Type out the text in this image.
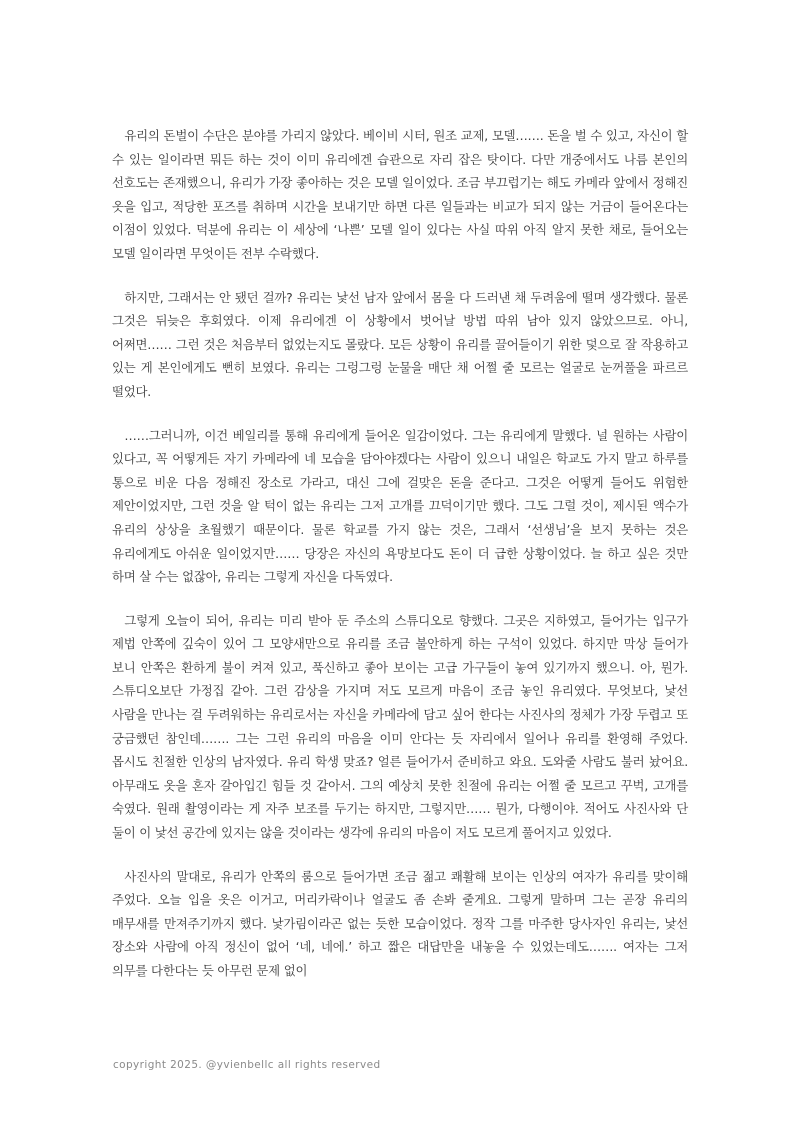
유리의 돈벌이 수단은 분야를 가리지 않았다. 베이비 시터, 원조 교제, 모델……. 돈을 벌 수 있고, 자신이 할 수 있는 일이라면 뭐든 하는 것이 이미 유리에겐 습관으로 자리 잡은 탓이다. 다만 개중에서도 나름 본인의 선호도는 존재했으니, 유리가 가장 좋아하는 것은 모델 일이었다. 조금 부끄럽기는 해도 카메라 앞에서 정해진 옷을 입고, 적당한 포즈를 취하며 시간을 보내기만 하면 다른 일들과는 비교가 되지 않는 거금이 들어온다는 이점이 있었다. 덕분에 유리는 이 세상에 ‘나쁜’ 모델 일이 있다는 사실 따위 아직 알지 못한 채로, 들어오는 모델 일이라면 무엇이든 전부 수락했다.

하지만, 그래서는 안 됐던 걸까? 유리는 낯선 남자 앞에서 몸을 다 드러낸 채 두려움에 떨며 생각했다. 물론 그것은 뒤늦은 후회였다. 이제 유리에겐 이 상황에서 벗어날 방법 따위 남아 있지 않았으므로. 아니, 어쩌면…… 그런 것은 처음부터 없었는지도 몰랐다. 모든 상황이 유리를 끌어들이기 위한 덫으로 잘 작용하고 있는 게 본인에게도 뻔히 보였다. 유리는 그렁그렁 눈물을 매단 채 어쩔 줄 모르는 얼굴로 눈꺼풀을 파르르 떨었다.

……그러니까, 이건 베일리를 통해 유리에게 들어온 일감이었다. 그는 유리에게 말했다. 널 원하는 사람이 있다고, 꼭 어떻게든 자기 카메라에 네 모습을 담아야겠다는 사람이 있으니 내일은 학교도 가지 말고 하루를 통으로 비운 다음 정해진 장소로 가라고, 대신 그에 걸맞은 돈을 준다고. 그것은 어떻게 들어도 위험한 제안이었지만, 그런 것을 알 턱이 없는 유리는 그저 고개를 끄덕이기만 했다. 그도 그럴 것이, 제시된 액수가 유리의 상상을 초월했기 때문이다. 물론 학교를 가지 않는 것은, 그래서 ‘선생님’을 보지 못하는 것은 유리에게도 아쉬운 일이었지만…… 당장은 자신의 욕망보다도 돈이 더 급한 상황이었다. 늘 하고 싶은 것만 하며 살 수는 없잖아, 유리는 그렇게 자신을 다독였다.

그렇게 오늘이 되어, 유리는 미리 받아 둔 주소의 스튜디오로 향했다. 그곳은 지하였고, 들어가는 입구가 제법 안쪽에 깊숙이 있어 그 모양새만으로 유리를 조금 불안하게 하는 구석이 있었다. 하지만 막상 들어가 보니 안쪽은 환하게 불이 켜져 있고, 푹신하고 좋아 보이는 고급 가구들이 놓여 있기까지 했으니. 아, 뭔가. 스튜디오보단 가정집 같아. 그런 감상을 가지며 저도 모르게 마음이 조금 놓인 유리였다. 무엇보다, 낯선 사람을 만나는 걸 두려워하는 유리로서는 자신을 카메라에 담고 싶어 한다는 사진사의 정체가 가장 두렵고 또 궁금했던 참인데……. 그는 그런 유리의 마음을 이미 안다는 듯 자리에서 일어나 유리를 환영해 주었다. 몹시도 친절한 인상의 남자였다. 유리 학생 맞죠? 얼른 들어가서 준비하고 와요. 도와줄 사람도 불러 놨어요. 아무래도 옷을 혼자 갈아입긴 힘들 것 같아서. 그의 예상치 못한 친절에 유리는 어쩔 줄 모르고 꾸벅, 고개를 숙였다. 원래 촬영이라는 게 자주 보조를 두기는 하지만, 그렇지만…… 뭔가, 다행이야. 적어도 사진사와 단 둘이 이 낯선 공간에 있지는 않을 것이라는 생각에 유리의 마음이 저도 모르게 풀어지고 있었다.

사진사의 말대로, 유리가 안쪽의 룸으로 들어가면 조금 젊고 쾌활해 보이는 인상의 여자가 유리를 맞이해 주었다. 오늘 입을 옷은 이거고, 머리카락이나 얼굴도 좀 손봐 줄게요. 그렇게 말하며 그는 곧장 유리의 매무새를 만져주기까지 했다. 낯가림이라곤 없는 듯한 모습이었다. 정작 그를 마주한 당사자인 유리는, 낯선 장소와 사람에 아직 정신이 없어 ‘네, 네에.’ 하고 짧은 대답만을 내놓을 수 있었는데도……. 여자는 그저 의무를 다한다는 듯 아무런 문제 없이

copyright 2025. @yvienbellc all rights reserved
